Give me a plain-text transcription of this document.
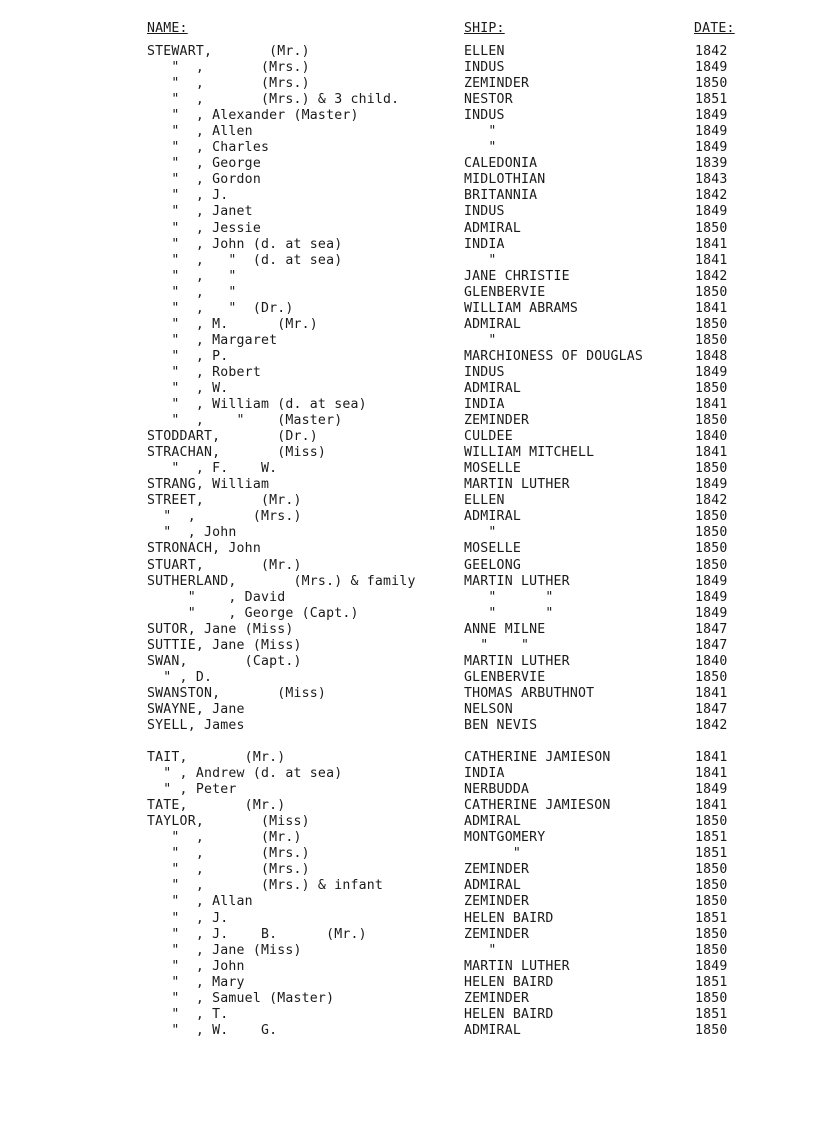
NAME:	SHIP:	DATE:
STEWART,       (Mr.)	ELLEN	1842
"  ,       (Mrs.)	INDUS	1849
"  ,       (Mrs.)	ZEMINDER	1850
"  ,       (Mrs.) & 3 child.	NESTOR	1851
"  , Alexander (Master)	INDUS	1849
"  , Allen	"	1849
"  , Charles	"	1849
"  , George	CALEDONIA	1839
"  , Gordon	MIDLOTHIAN	1843
"  , J.	BRITANNIA	1842
"  , Janet	INDUS	1849
"  , Jessie	ADMIRAL	1850
"  , John (d. at sea)	INDIA	1841
"  ,   "  (d. at sea)	"	1841
"  ,   "	JANE CHRISTIE	1842
"  ,   "	GLENBERVIE	1850
"  ,   "  (Dr.)	WILLIAM ABRAMS	1841
"  , M.      (Mr.)	ADMIRAL	1850
"  , Margaret	"	1850
"  , P.	MARCHIONESS OF DOUGLAS	1848
"  , Robert	INDUS	1849
"  , W.	ADMIRAL	1850
"  , William (d. at sea)	INDIA	1841
"  ,    "    (Master)	ZEMINDER	1850
STODDART,       (Dr.)	CULDEE	1840
STRACHAN,       (Miss)	WILLIAM MITCHELL	1841
"  , F.    W.	MOSELLE	1850
STRANG, William	MARTIN LUTHER	1849
STREET,       (Mr.)	ELLEN	1842
"  ,       (Mrs.)	ADMIRAL	1850
"  , John	"	1850
STRONACH, John	MOSELLE	1850
STUART,       (Mr.)	GEELONG	1850
SUTHERLAND,       (Mrs.) & family	MARTIN LUTHER	1849
"    , David	"      "	1849
"    , George (Capt.)	"      "	1849
SUTOR, Jane (Miss)	ANNE MILNE	1847
SUTTIE, Jane (Miss)	"    "	1847
SWAN,       (Capt.)	MARTIN LUTHER	1840
" , D.	GLENBERVIE	1850
SWANSTON,       (Miss)	THOMAS ARBUTHNOT	1841
SWAYNE, Jane	NELSON	1847
SYELL, James	BEN NEVIS	1842
TAIT,       (Mr.)	CATHERINE JAMIESON	1841
" , Andrew (d. at sea)	INDIA	1841
" , Peter	NERBUDDA	1849
TATE,       (Mr.)	CATHERINE JAMIESON	1841
TAYLOR,       (Miss)	ADMIRAL	1850
"  ,       (Mr.)	MONTGOMERY	1851
"  ,       (Mrs.)	"	1851
"  ,       (Mrs.)	ZEMINDER	1850
"  ,       (Mrs.) & infant	ADMIRAL	1850
"  , Allan	ZEMINDER	1850
"  , J.	HELEN BAIRD	1851
"  , J.    B.      (Mr.)	ZEMINDER	1850
"  , Jane (Miss)	"	1850
"  , John	MARTIN LUTHER	1849
"  , Mary	HELEN BAIRD	1851
"  , Samuel (Master)	ZEMINDER	1850
"  , T.	HELEN BAIRD	1851
"  , W.    G.	ADMIRAL	1850
